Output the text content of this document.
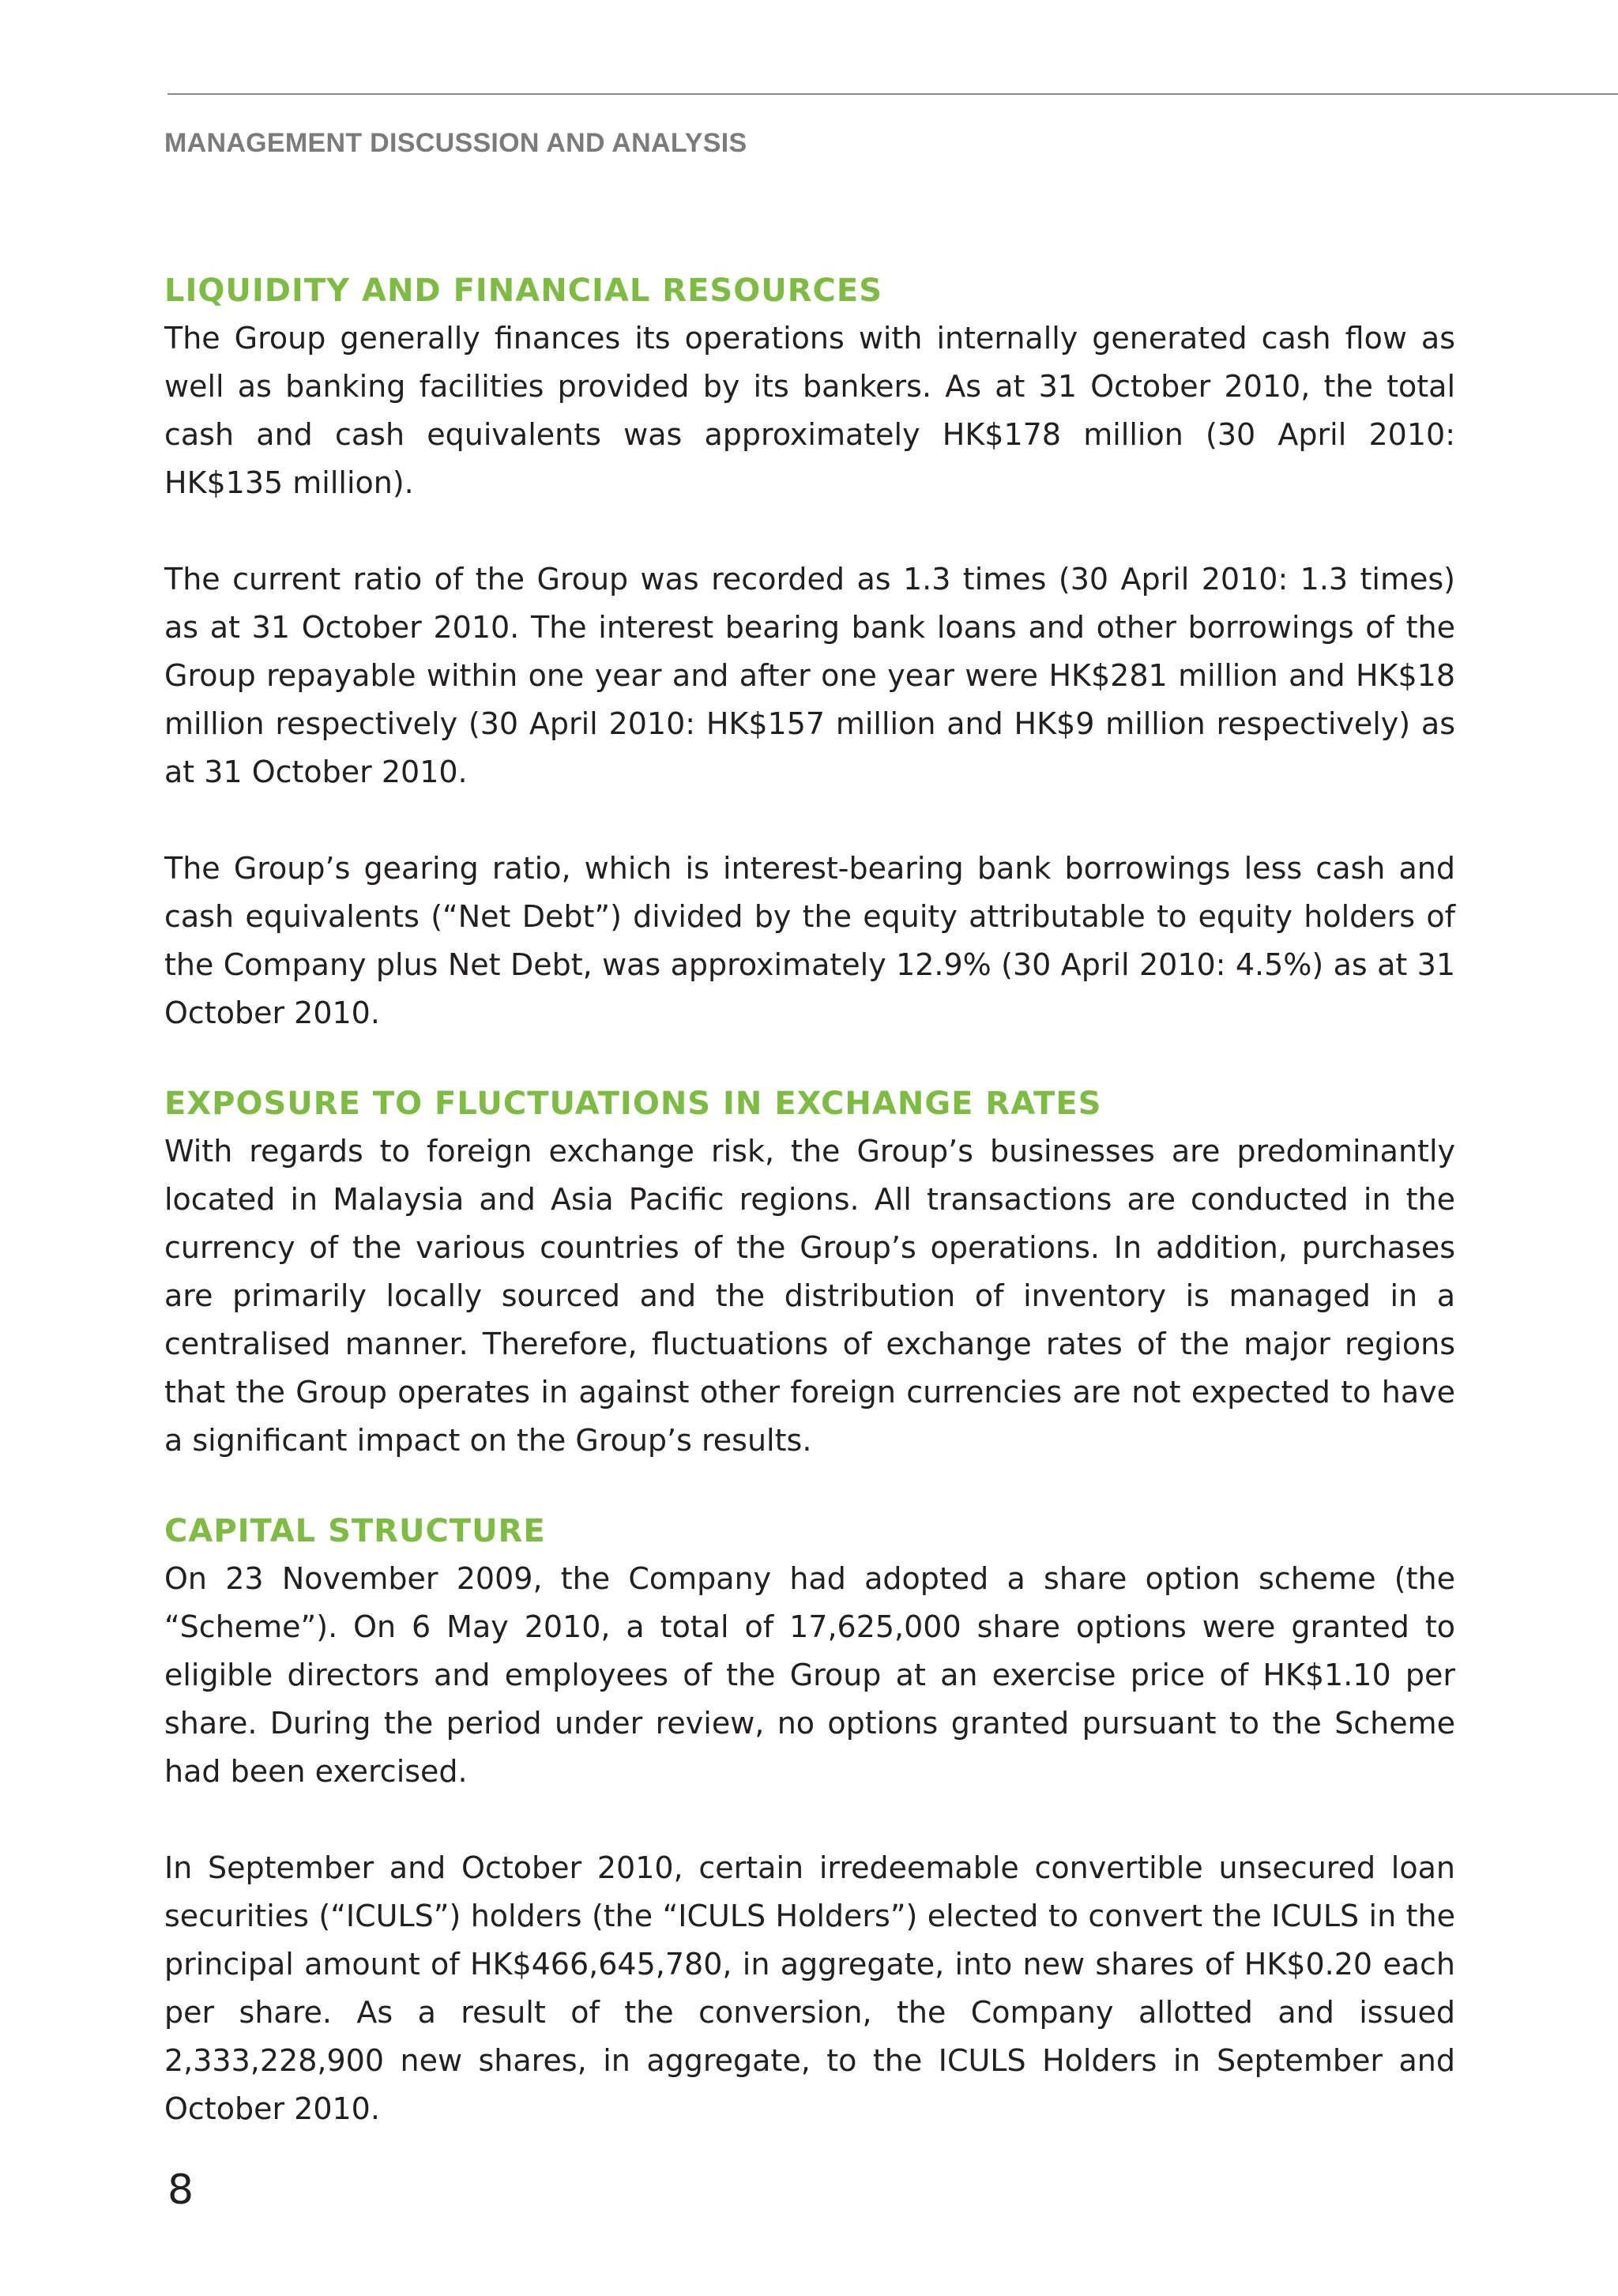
MANAGEMENT DISCUSSION AND ANALYSIS
LIQUIDITY AND FINANCIAL RESOURCES

The Group generally finances its operations with internally generated cash flow as well as banking facilities provided by its bankers. As at 31 October 2010, the total cash and cash equivalents was approximately HK$178 million (30 April 2010: HK$135 million).

The current ratio of the Group was recorded as 1.3 times (30 April 2010: 1.3 times) as at 31 October 2010. The interest bearing bank loans and other borrowings of the Group repayable within one year and after one year were HK$281 million and HK$18 million respectively (30 April 2010: HK$157 million and HK$9 million respectively) as at 31 October 2010.

The Group’s gearing ratio, which is interest-bearing bank borrowings less cash and cash equivalents (“Net Debt”) divided by the equity attributable to equity holders of the Company plus Net Debt, was approximately 12.9% (30 April 2010: 4.5%) as at 31 October 2010.

EXPOSURE TO FLUCTUATIONS IN EXCHANGE RATES

With regards to foreign exchange risk, the Group’s businesses are predominantly located in Malaysia and Asia Pacific regions. All transactions are conducted in the currency of the various countries of the Group’s operations. In addition, purchases are primarily locally sourced and the distribution of inventory is managed in a centralised manner. Therefore, fluctuations of exchange rates of the major regions that the Group operates in against other foreign currencies are not expected to have a significant impact on the Group’s results.

CAPITAL STRUCTURE

On 23 November 2009, the Company had adopted a share option scheme (the “Scheme”). On 6 May 2010, a total of 17,625,000 share options were granted to eligible directors and employees of the Group at an exercise price of HK$1.10 per share. During the period under review, no options granted pursuant to the Scheme had been exercised.

In September and October 2010, certain irredeemable convertible unsecured loan securities (“ICULS”) holders (the “ICULS Holders”) elected to convert the ICULS in the principal amount of HK$466,645,780, in aggregate, into new shares of HK$0.20 each per share. As a result of the conversion, the Company allotted and issued 2,333,228,900 new shares, in aggregate, to the ICULS Holders in September and October 2010.

8
